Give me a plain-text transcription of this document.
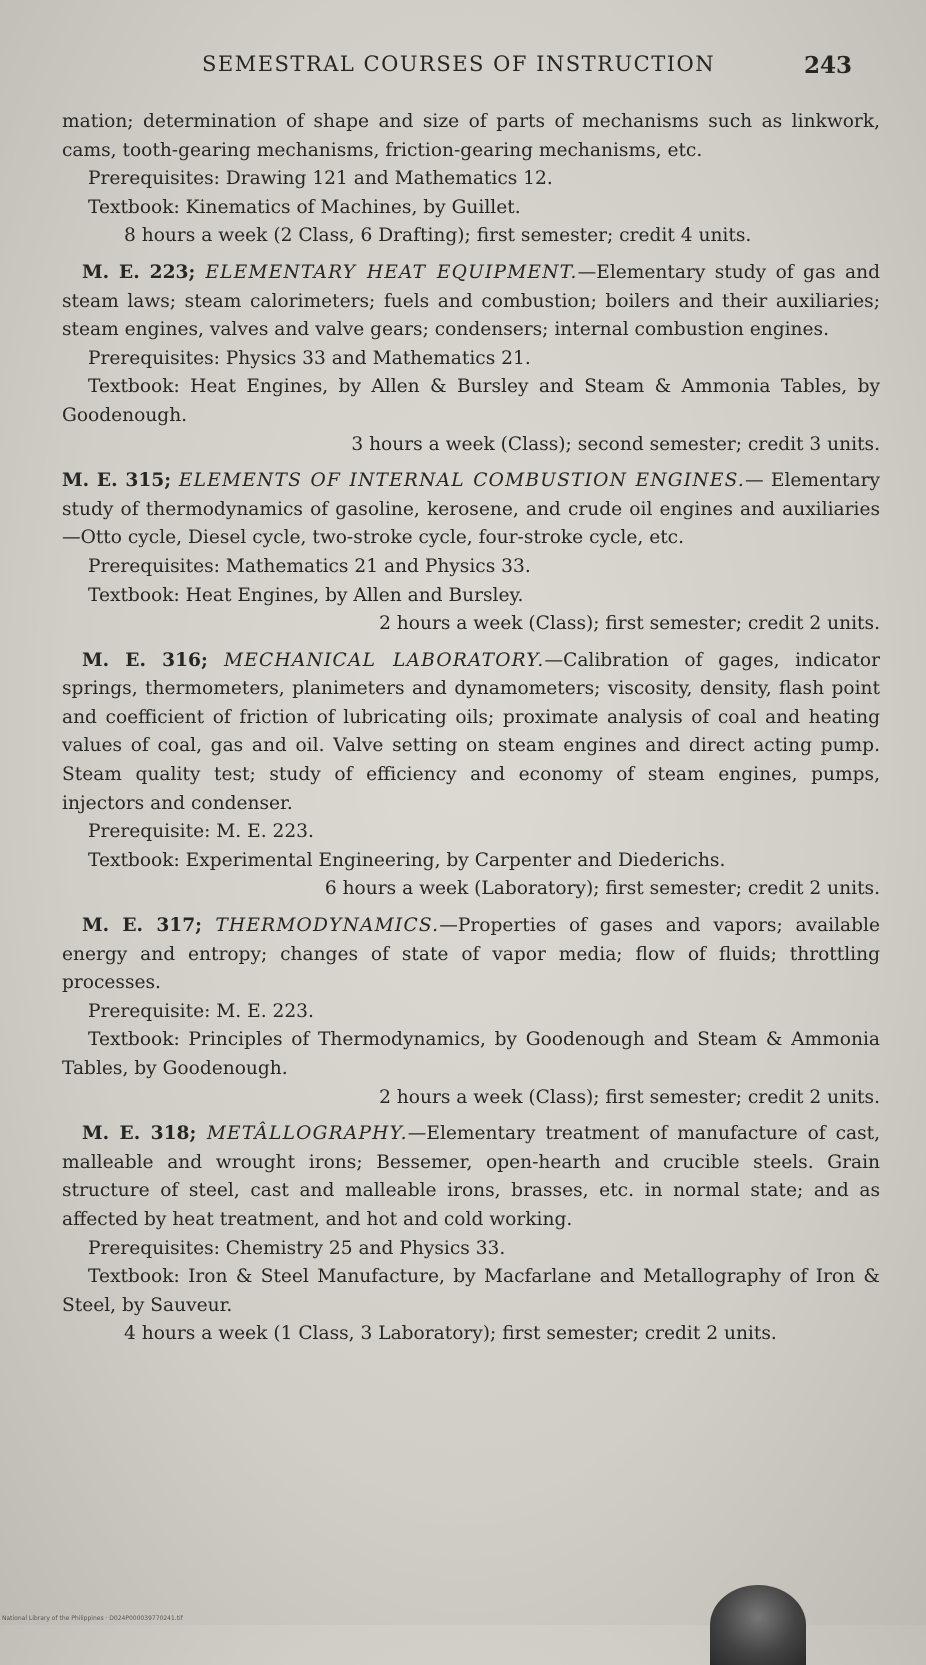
SEMESTRAL COURSES OF INSTRUCTION	243

mation; determination of shape and size of parts of mechanisms such as linkwork, cams, tooth-gearing mechanisms, friction-gearing mechanisms, etc.

Prerequisites: Drawing 121 and Mathematics 12.

Textbook: Kinematics of Machines, by Guillet.

8 hours a week (2 Class, 6 Drafting); first semester; credit 4 units.

M. E. 223; ELEMENTARY HEAT EQUIPMENT.—Elementary study of gas and steam laws; steam calorimeters; fuels and combustion; boilers and their auxiliaries; steam engines, valves and valve gears; condensers; internal combustion engines.

Prerequisites: Physics 33 and Mathematics 21.

Textbook: Heat Engines, by Allen & Bursley and Steam & Ammonia Tables, by Goodenough.

3 hours a week (Class); second semester; credit 3 units.

M. E. 315; ELEMENTS OF INTERNAL COMBUSTION ENGINES.— Elementary study of thermodynamics of gasoline, kerosene, and crude oil engines and auxiliaries—Otto cycle, Diesel cycle, two-stroke cycle, four-stroke cycle, etc.

Prerequisites: Mathematics 21 and Physics 33.

Textbook: Heat Engines, by Allen and Bursley.

2 hours a week (Class); first semester; credit 2 units.

M. E. 316; MECHANICAL LABORATORY.—Calibration of gages, indicator springs, thermometers, planimeters and dynamometers; viscosity, density, flash point and coefficient of friction of lubricating oils; proximate analysis of coal and heating values of coal, gas and oil. Valve setting on steam engines and direct acting pump. Steam quality test; study of efficiency and economy of steam engines, pumps, injectors and condenser.

Prerequisite: M. E. 223.

Textbook: Experimental Engineering, by Carpenter and Diederichs.

6 hours a week (Laboratory); first semester; credit 2 units.

M. E. 317; THERMODYNAMICS.—Properties of gases and vapors; available energy and entropy; changes of state of vapor media; flow of fluids; throttling processes.

Prerequisite: M. E. 223.

Textbook: Principles of Thermodynamics, by Goodenough and Steam & Ammonia Tables, by Goodenough.

2 hours a week (Class); first semester; credit 2 units.

M. E. 318; METÂLLOGRAPHY.—Elementary treatment of manufacture of cast, malleable and wrought irons; Bessemer, open-hearth and crucible steels. Grain structure of steel, cast and malleable irons, brasses, etc. in normal state; and as affected by heat treatment, and hot and cold working.

Prerequisites: Chemistry 25 and Physics 33.

Textbook: Iron & Steel Manufacture, by Macfarlane and Metallography of Iron & Steel, by Sauveur.

4 hours a week (1 Class, 3 Laboratory); first semester; credit 2 units.

National Library of the Philippines · D024P000039770241.tif
